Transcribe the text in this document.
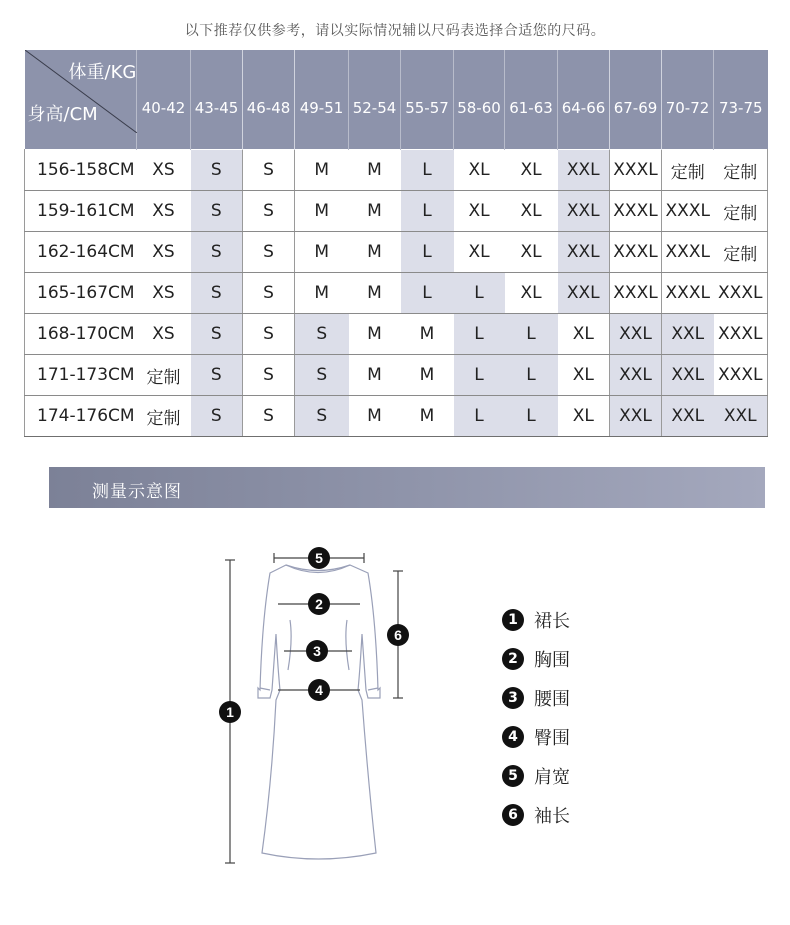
以下推荐仅供参考，请以实际情况辅以尺码表选择合适您的尺码。
体重/KG
身高/CM	40-42	43-45	46-48	49-51	52-54	55-57	58-60	61-63	64-66	67-69	70-72	73-75
156-158CM	XS	S	S	M	M	L	XL	XL	XXL	XXXL	定制	定制
159-161CM	XS	S	S	M	M	L	XL	XL	XXL	XXXL	XXXL	定制
162-164CM	XS	S	S	M	M	L	XL	XL	XXL	XXXL	XXXL	定制
165-167CM	XS	S	S	M	M	L	L	XL	XXL	XXXL	XXXL	XXXL
168-170CM	XS	S	S	S	M	M	L	L	XL	XXL	XXL	XXXL
171-173CM	定制	S	S	S	M	M	L	L	XL	XXL	XXL	XXXL
174-176CM	定制	S	S	S	M	M	L	L	XL	XXL	XXL	XXL
测量示意图
1
2
3
4
5
6
1 裙长
2 胸围
3 腰围
4 臀围
5 肩宽
6 袖长
